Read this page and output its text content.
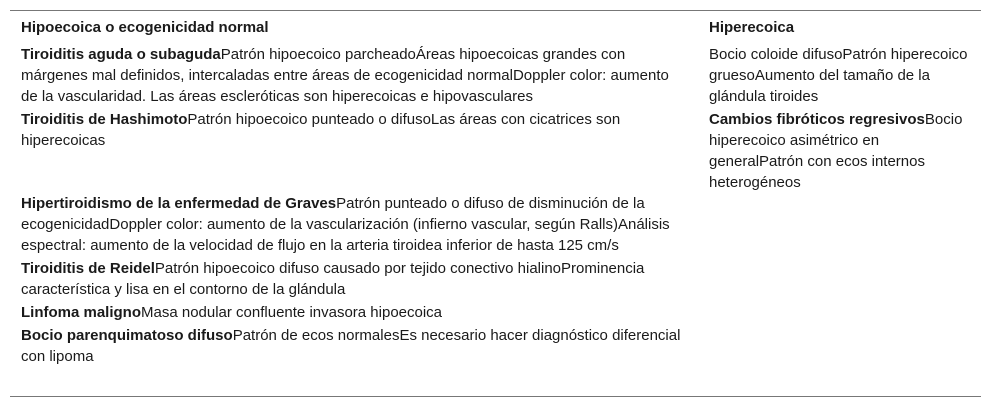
Hipoecoica o ecogenicidad normal
Tiroiditis aguda o subagudaPatrón hipoecoico parcheadoÁreas hipoecoicas grandes con márgenes mal definidos, intercaladas entre áreas de ecogenicidad normalDoppler color: aumento de la vascularidad. Las áreas escleróticas son hiperecoicas e hipovasculares
Tiroiditis de HashimotoPatrón hipoecoico punteado o difusoLas áreas con cicatrices son hiperecoicas
Hipertiroidismo de la enfermedad de GravesPatrón punteado o difuso de disminución de la ecogenicidadDoppler color: aumento de la vascularización (infierno vascular, según Ralls)Análisis espectral: aumento de la velocidad de flujo en la arteria tiroidea inferior de hasta 125 cm/s
Tiroiditis de ReidelPatrón hipoecoico difuso causado por tejido conectivo hialinoProminencia característica y lisa en el contorno de la glándula
Linfoma malignoMasa nodular confluente invasora hipoecoica
Bocio parenquimatoso difusoPatrón de ecos normalesEs necesario hacer diagnóstico diferencial con lipoma
Hiperecoica
Bocio coloide difusoPatrón hiperecoico gruesoAumento del tamaño de la glándula tiroides
Cambios fibróticos regresivosBocio hiperecoico asimétrico en generalPatrón con ecos internos heterogéneos
